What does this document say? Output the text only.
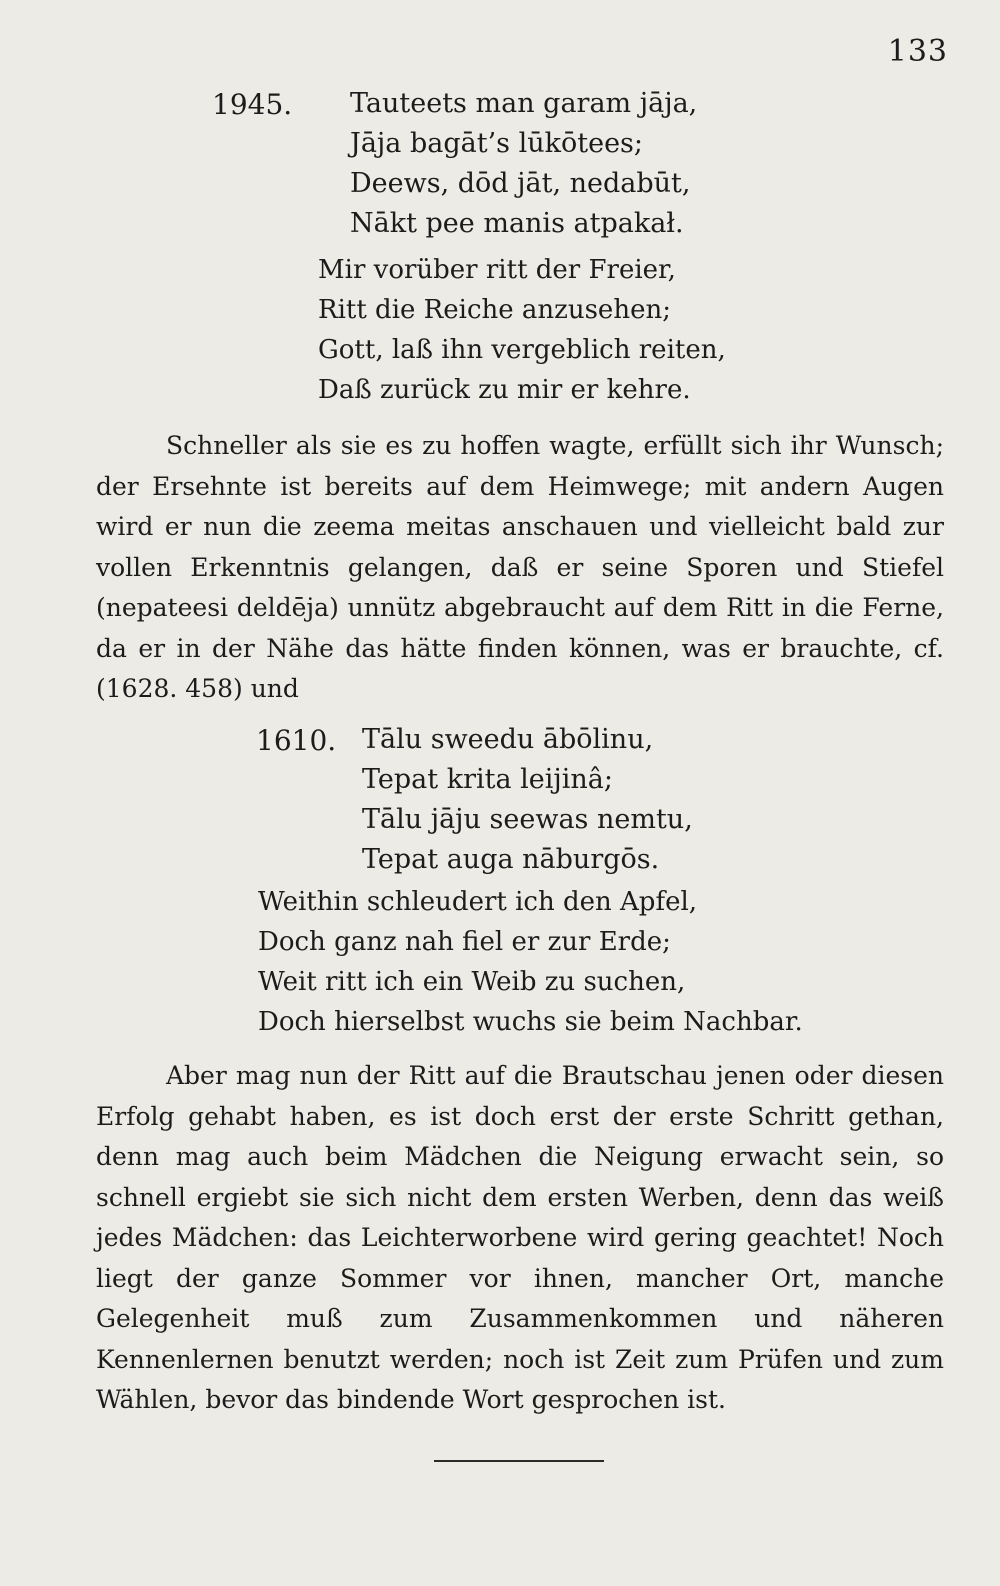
133
1945. Tauteets man garam jāja,
Jāja bagāt’s lūkōtees;
Deews, dōd jāt, nedabūt,
Nākt pee manis atpakał.
Mir vorüber ritt der Freier,
Ritt die Reiche anzusehen;
Gott, laß ihn vergeblich reiten,
Daß zurück zu mir er kehre.

Schneller als sie es zu hoffen wagte, erfüllt sich ihr Wunsch; der Ersehnte ist bereits auf dem Heimwege; mit andern Augen wird er nun die zeema meitas anschauen und vielleicht bald zur vollen Erkenntnis gelangen, daß er seine Sporen und Stiefel (nepateesi deldēja) unnütz abgebraucht auf dem Ritt in die Ferne, da er in der Nähe das hätte finden können, was er brauchte, cf. (1628. 458) und

1610. Tālu sweedu ābōlinu,
Tepat krita leijinâ;
Tālu jāju seewas nemtu,
Tepat auga nāburgōs.
Weithin schleudert ich den Apfel,
Doch ganz nah fiel er zur Erde;
Weit ritt ich ein Weib zu suchen,
Doch hierselbst wuchs sie beim Nachbar.

Aber mag nun der Ritt auf die Brautschau jenen oder diesen Erfolg gehabt haben, es ist doch erst der erste Schritt gethan, denn mag auch beim Mädchen die Neigung erwacht sein, so schnell ergiebt sie sich nicht dem ersten Werben, denn das weiß jedes Mädchen: das Leichterworbene wird gering geachtet! Noch liegt der ganze Sommer vor ihnen, mancher Ort, manche Gelegenheit muß zum Zusammenkommen und näheren Kennenlernen benutzt werden; noch ist Zeit zum Prüfen und zum Wählen, bevor das bindende Wort gesprochen ist.
